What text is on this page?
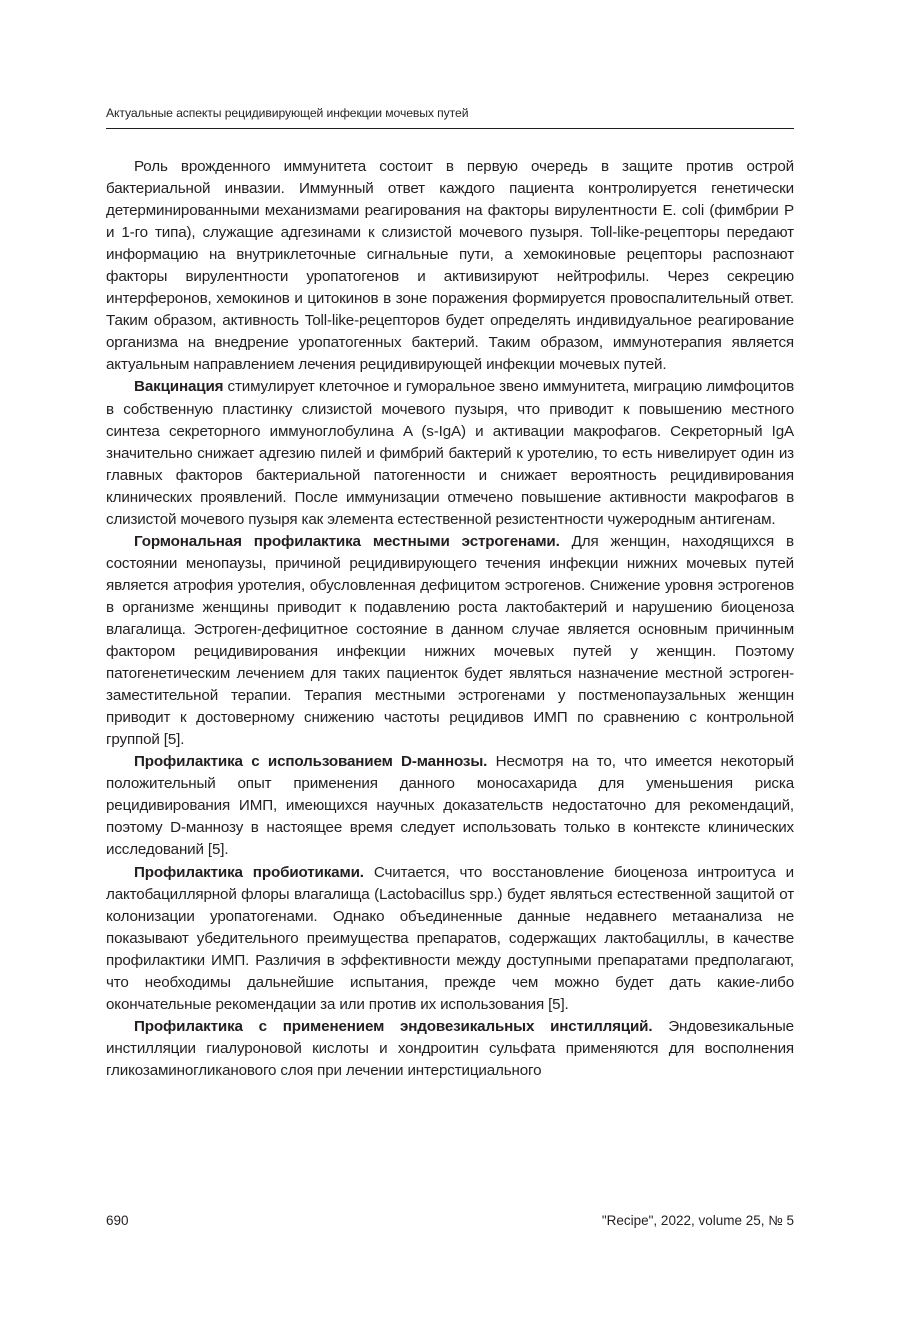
Актуальные аспекты рецидивирующей инфекции мочевых путей

Роль врожденного иммунитета состоит в первую очередь в защите против острой бактериальной инвазии. Иммунный ответ каждого пациента контролируется генетически детерминированными механизмами реагирования на факторы вирулентности E. coli (фимбрии P и 1-го типа), служащие адгезинами к слизистой мочевого пузыря. Toll-like-рецепторы передают информацию на внутриклеточные сигнальные пути, а хемокиновые рецепторы распознают факторы вирулентности уропатогенов и активизируют нейтрофилы. Через секрецию интерферонов, хемокинов и цитокинов в зоне поражения формируется провоспалительный ответ. Таким образом, активность Toll-like-рецепторов будет определять индивидуальное реагирование организма на внедрение уропатогенных бактерий. Таким образом, иммунотерапия является актуальным направлением лечения рецидивирующей инфекции мочевых путей.

Вакцинация стимулирует клеточное и гуморальное звено иммунитета, миграцию лимфоцитов в собственную пластинку слизистой мочевого пузыря, что приводит к повышению местного синтеза секреторного иммуноглобулина A (s-IgA) и активации макрофагов. Секреторный IgA значительно снижает адгезию пилей и фимбрий бактерий к уротелию, то есть нивелирует один из главных факторов бактериальной патогенности и снижает вероятность рецидивирования клинических проявлений. После иммунизации отмечено повышение активности макрофагов в слизистой мочевого пузыря как элемента естественной резистентности чужеродным антигенам.

Гормональная профилактика местными эстрогенами. Для женщин, находящихся в состоянии менопаузы, причиной рецидивирующего течения инфекции нижних мочевых путей является атрофия уротелия, обусловленная дефицитом эстрогенов. Снижение уровня эстрогенов в организме женщины приводит к подавлению роста лактобактерий и нарушению биоценоза влагалища. Эстроген-дефицитное состояние в данном случае является основным причинным фактором рецидивирования инфекции нижних мочевых путей у женщин. Поэтому патогенетическим лечением для таких пациенток будет являться назначение местной эстроген-заместительной терапии. Терапия местными эстрогенами у постменопаузальных женщин приводит к достоверному снижению частоты рецидивов ИМП по сравнению с контрольной группой [5].

Профилактика с использованием D-маннозы. Несмотря на то, что имеется некоторый положительный опыт применения данного моносахарида для уменьшения риска рецидивирования ИМП, имеющихся научных доказательств недостаточно для рекомендаций, поэтому D-маннозу в настоящее время следует использовать только в контексте клинических исследований [5].

Профилактика пробиотиками. Считается, что восстановление биоценоза интроитуса и лактобациллярной флоры влагалища (Lactobacillus spp.) будет являться естественной защитой от колонизации уропатогенами. Однако объединенные данные недавнего метаанализа не показывают убедительного преимущества препаратов, содержащих лактобациллы, в качестве профилактики ИМП. Различия в эффективности между доступными препаратами предполагают, что необходимы дальнейшие испытания, прежде чем можно будет дать какие-либо окончательные рекомендации за или против их использования [5].

Профилактика с применением эндовезикальных инстилляций. Эндовезикальные инстилляции гиалуроновой кислоты и хондроитин сульфата применяются для восполнения гликозаминогликанового слоя при лечении интерстициального

690	"Recipe", 2022, volume 25, № 5
